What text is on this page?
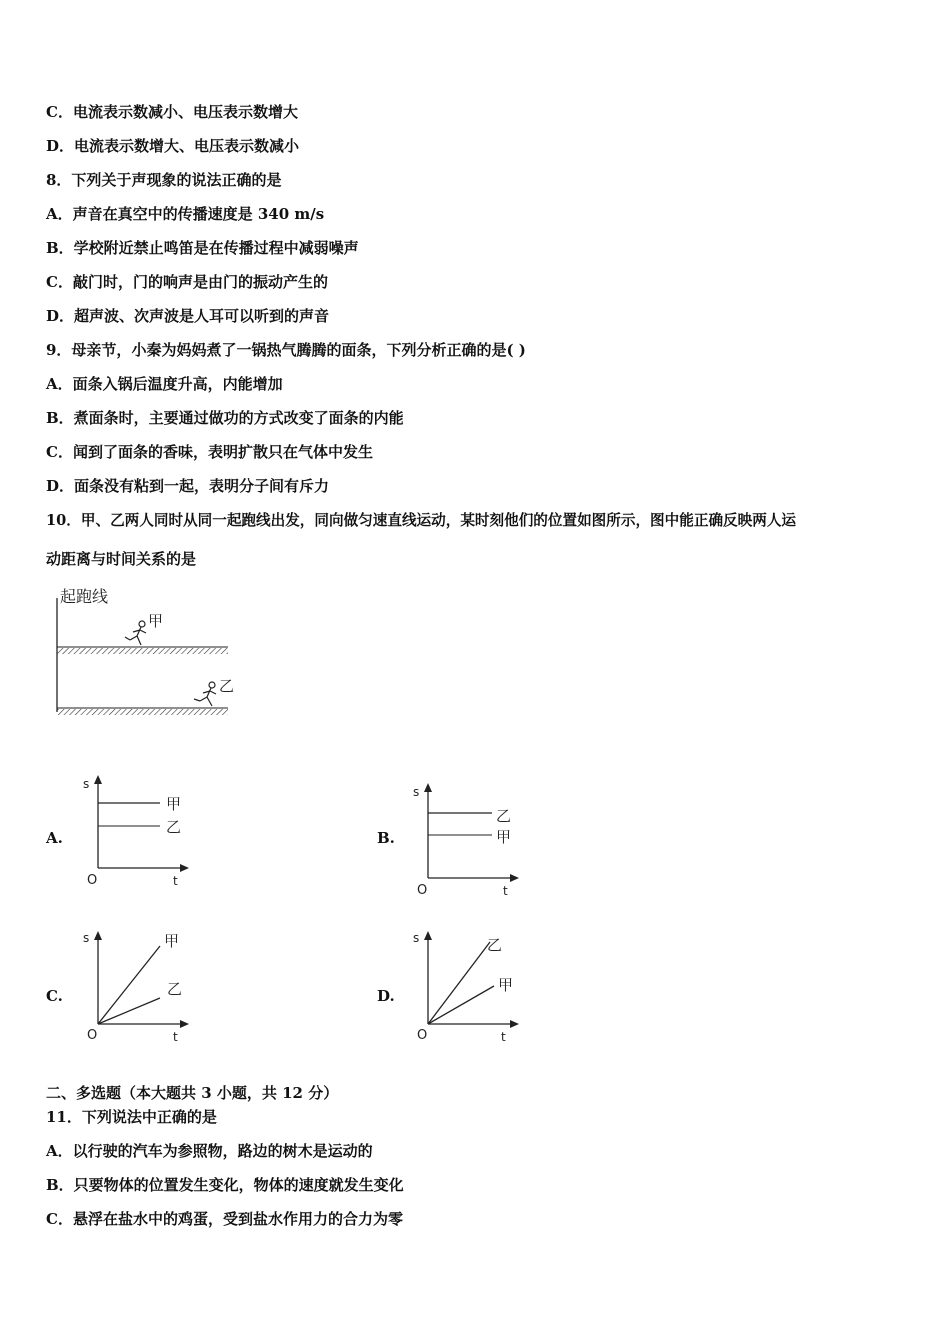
C．电流表示数减小、电压表示数增大
D．电流表示数增大、电压表示数减小
8．下列关于声现象的说法正确的是
A．声音在真空中的传播速度是 340 m/s
B．学校附近禁止鸣笛是在传播过程中减弱噪声
C．敲门时，门的响声是由门的振动产生的
D．超声波、次声波是人耳可以听到的声音
9．母亲节，小秦为妈妈煮了一锅热气腾腾的面条，下列分析正确的是( )
A．面条入锅后温度升高，内能增加
B．煮面条时，主要通过做功的方式改变了面条的内能
C．闻到了面条的香味，表明扩散只在气体中发生
D．面条没有粘到一起，表明分子间有斥力
10．甲、乙两人同时从同一起跑线出发，同向做匀速直线运动，某时刻他们的位置如图所示，图中能正确反映两人运
动距离与时间关系的是
起跑线
甲
乙
A.	B.
C.	D.
s
t
O
甲
乙
s
t
O
乙
甲
s
t
O
甲
乙
s
t
O
乙
甲
二、多选题（本大题共 3 小题，共 12 分）
11．下列说法中正确的是
A．以行驶的汽车为参照物，路边的树木是运动的
B．只要物体的位置发生变化，物体的速度就发生变化
C．悬浮在盐水中的鸡蛋，受到盐水作用力的合力为零
